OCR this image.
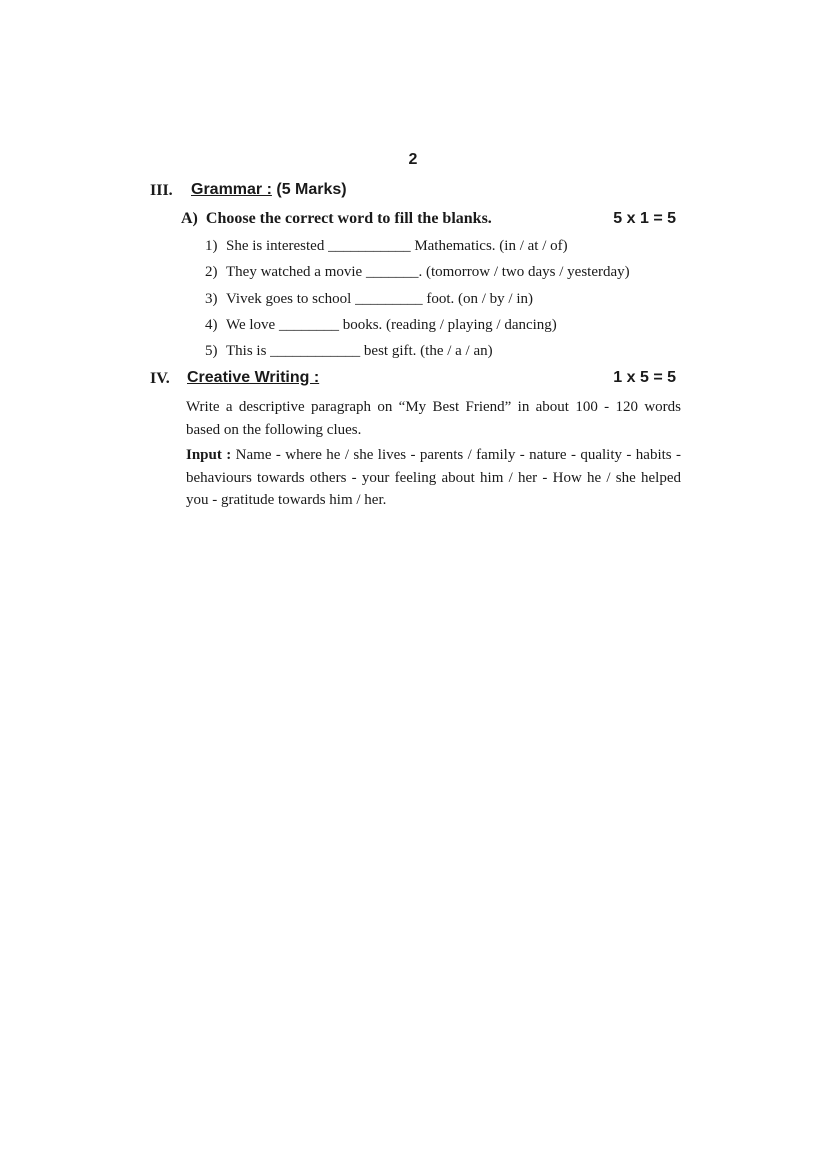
2
III. Grammar : (5 Marks)
A) Choose the correct word to fill the blanks.	5 x 1 = 5
1) She is interested ___________ Mathematics. (in / at / of)
2) They watched a movie _______. (tomorrow / two days / yesterday)
3) Vivek goes to school _________ foot. (on / by / in)
4) We love ________ books. (reading / playing / dancing)
5) This is ____________ best gift. (the / a / an)
IV. Creative Writing :	1 x 5 = 5

Write a descriptive paragraph on “My Best Friend” in about 100 - 120 words based on the following clues.

Input : Name - where he / she lives - parents / family - nature - quality - habits - behaviours towards others - your feeling about him / her - How he / she helped you - gratitude towards him / her.
